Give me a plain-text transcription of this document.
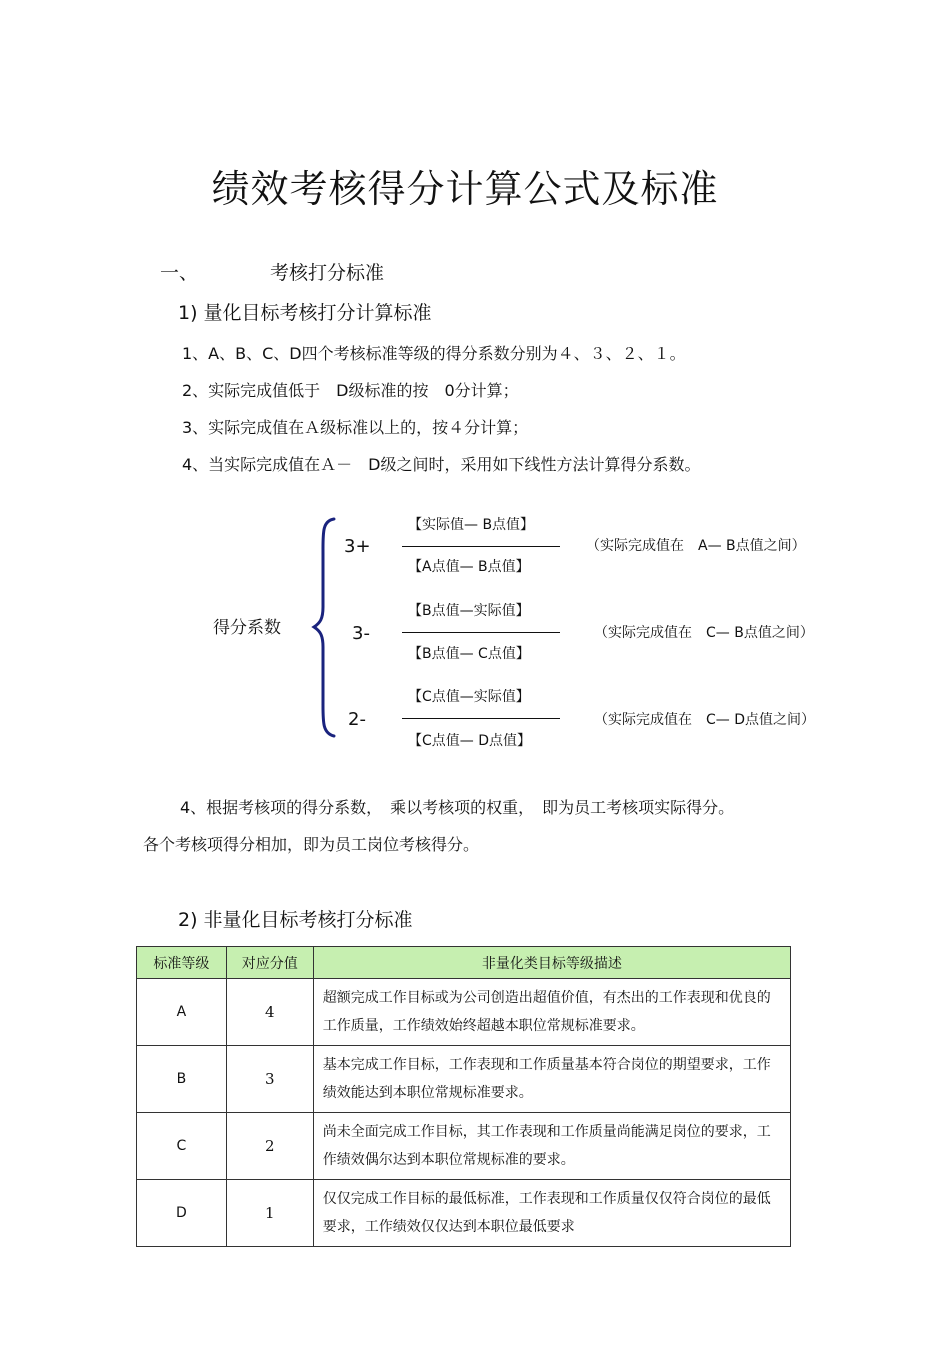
绩效考核得分计算公式及标准
一、	考核打分标准
1) 量化目标考核打分计算标准
1、A、B、C、D四个考核标准等级的得分系数分别为４、３、２、１。
2、实际完成值低于　D级标准的按　0分计算；
3、实际完成值在Ａ级标准以上的，按４分计算；
4、当实际完成值在Ａ－　D级之间时，采用如下线性方法计算得分系数。
得分系数
3+
【实际值— B点值】
【A点值— B点值】
（实际完成值在　A— B点值之间）
3-
【B点值—实际值】
【B点值— C点值】
（实际完成值在　C— B点值之间）
2-
【C点值—实际值】
【C点值— D点值】
（实际完成值在　C— D点值之间）
4、根据考核项的得分系数，　乘以考核项的权重，　即为员工考核项实际得分。
各个考核项得分相加，即为员工岗位考核得分。
2) 非量化目标考核打分标准
标准等级	对应分值	非量化类目标等级描述
A	4	超额完成工作目标或为公司创造出超值价值，有杰出的工作表现和优良的工作质量，工作绩效始终超越本职位常规标准要求。
B	3	基本完成工作目标，工作表现和工作质量基本符合岗位的期望要求，工作绩效能达到本职位常规标准要求。
C	2	尚未全面完成工作目标，其工作表现和工作质量尚能满足岗位的要求，工作绩效偶尔达到本职位常规标准的要求。
D	1	仅仅完成工作目标的最低标准，工作表现和工作质量仅仅符合岗位的最低要求，工作绩效仅仅达到本职位最低要求
